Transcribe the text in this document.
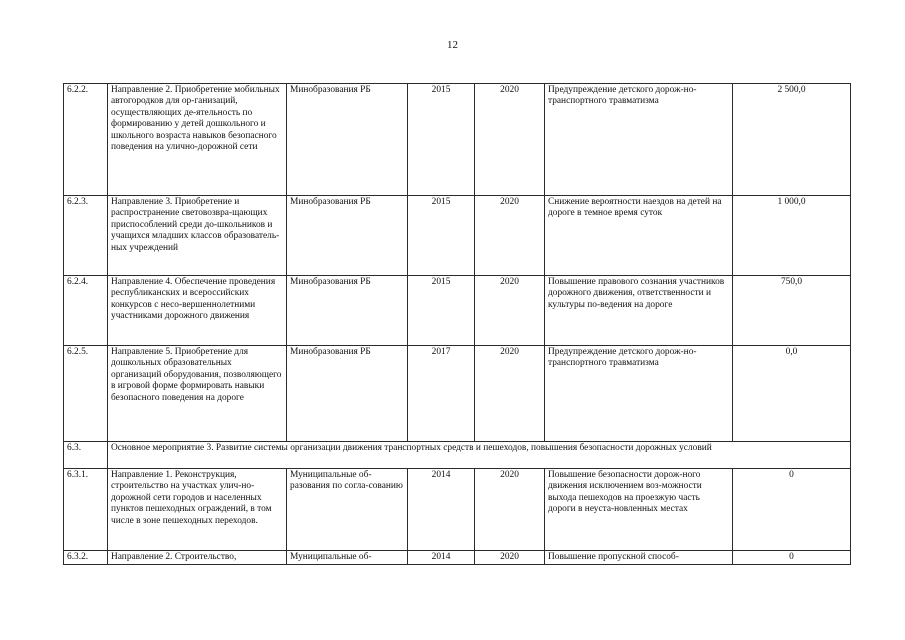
12
6.2.2.	Направление 2. Приобретение мобильных автогородков для ор-ганизаций, осуществляющих де-ятельность по формированию у детей дошкольного и школьного возраста навыков безопасного поведения на улично-дорожной сети	Минобразования РБ	2015	2020	Предупреждение детского дорож-но-транспортного травматизма	2 500,0
6.2.3.	Направление 3. Приобретение и распространение световозвра-щающих приспособлений среди до-школьников и учащихся младших классов образователь-ных учреждений	Минобразования РБ	2015	2020	Снижение вероятности наездов на детей на дороге в темное время суток	1 000,0
6.2.4.	Направление 4. Обеспечение проведения республиканских и всероссийских конкурсов с несо-вершеннолетними участниками дорожного движения	Минобразования РБ	2015	2020	Повышение правового сознания участников дорожного движения, ответственности и культуры по-ведения на дороге	750,0
6.2.5.	Направление 5. Приобретение для дошкольных образовательных организаций оборудования, позволяющего в игровой форме формировать навыки безопасного поведения на дороге	Минобразования РБ	2017	2020	Предупреждение детского дорож-но-транспортного травматизма	0,0
6.3.	Основное мероприятие 3. Развитие системы организации движения транспортных средств и пешеходов, повышения безопасности дорожных условий					
6.3.1.	Направление 1. Реконструкция, строительство на участках улич-но-дорожной сети городов и населенных пунктов пешеходных ограждений, в том числе в зоне пешеходных переходов.	Муниципальные об-разования по согла-сованию	2014	2020	Повышение безопасности дорож-ного движения исключением воз-можности выхода пешеходов на проезжую часть дороги в неуста-новленных местах	0
6.3.2.	Направление 2. Строительство,	Муниципальные об-	2014	2020	Повышение пропускной способ-	0
